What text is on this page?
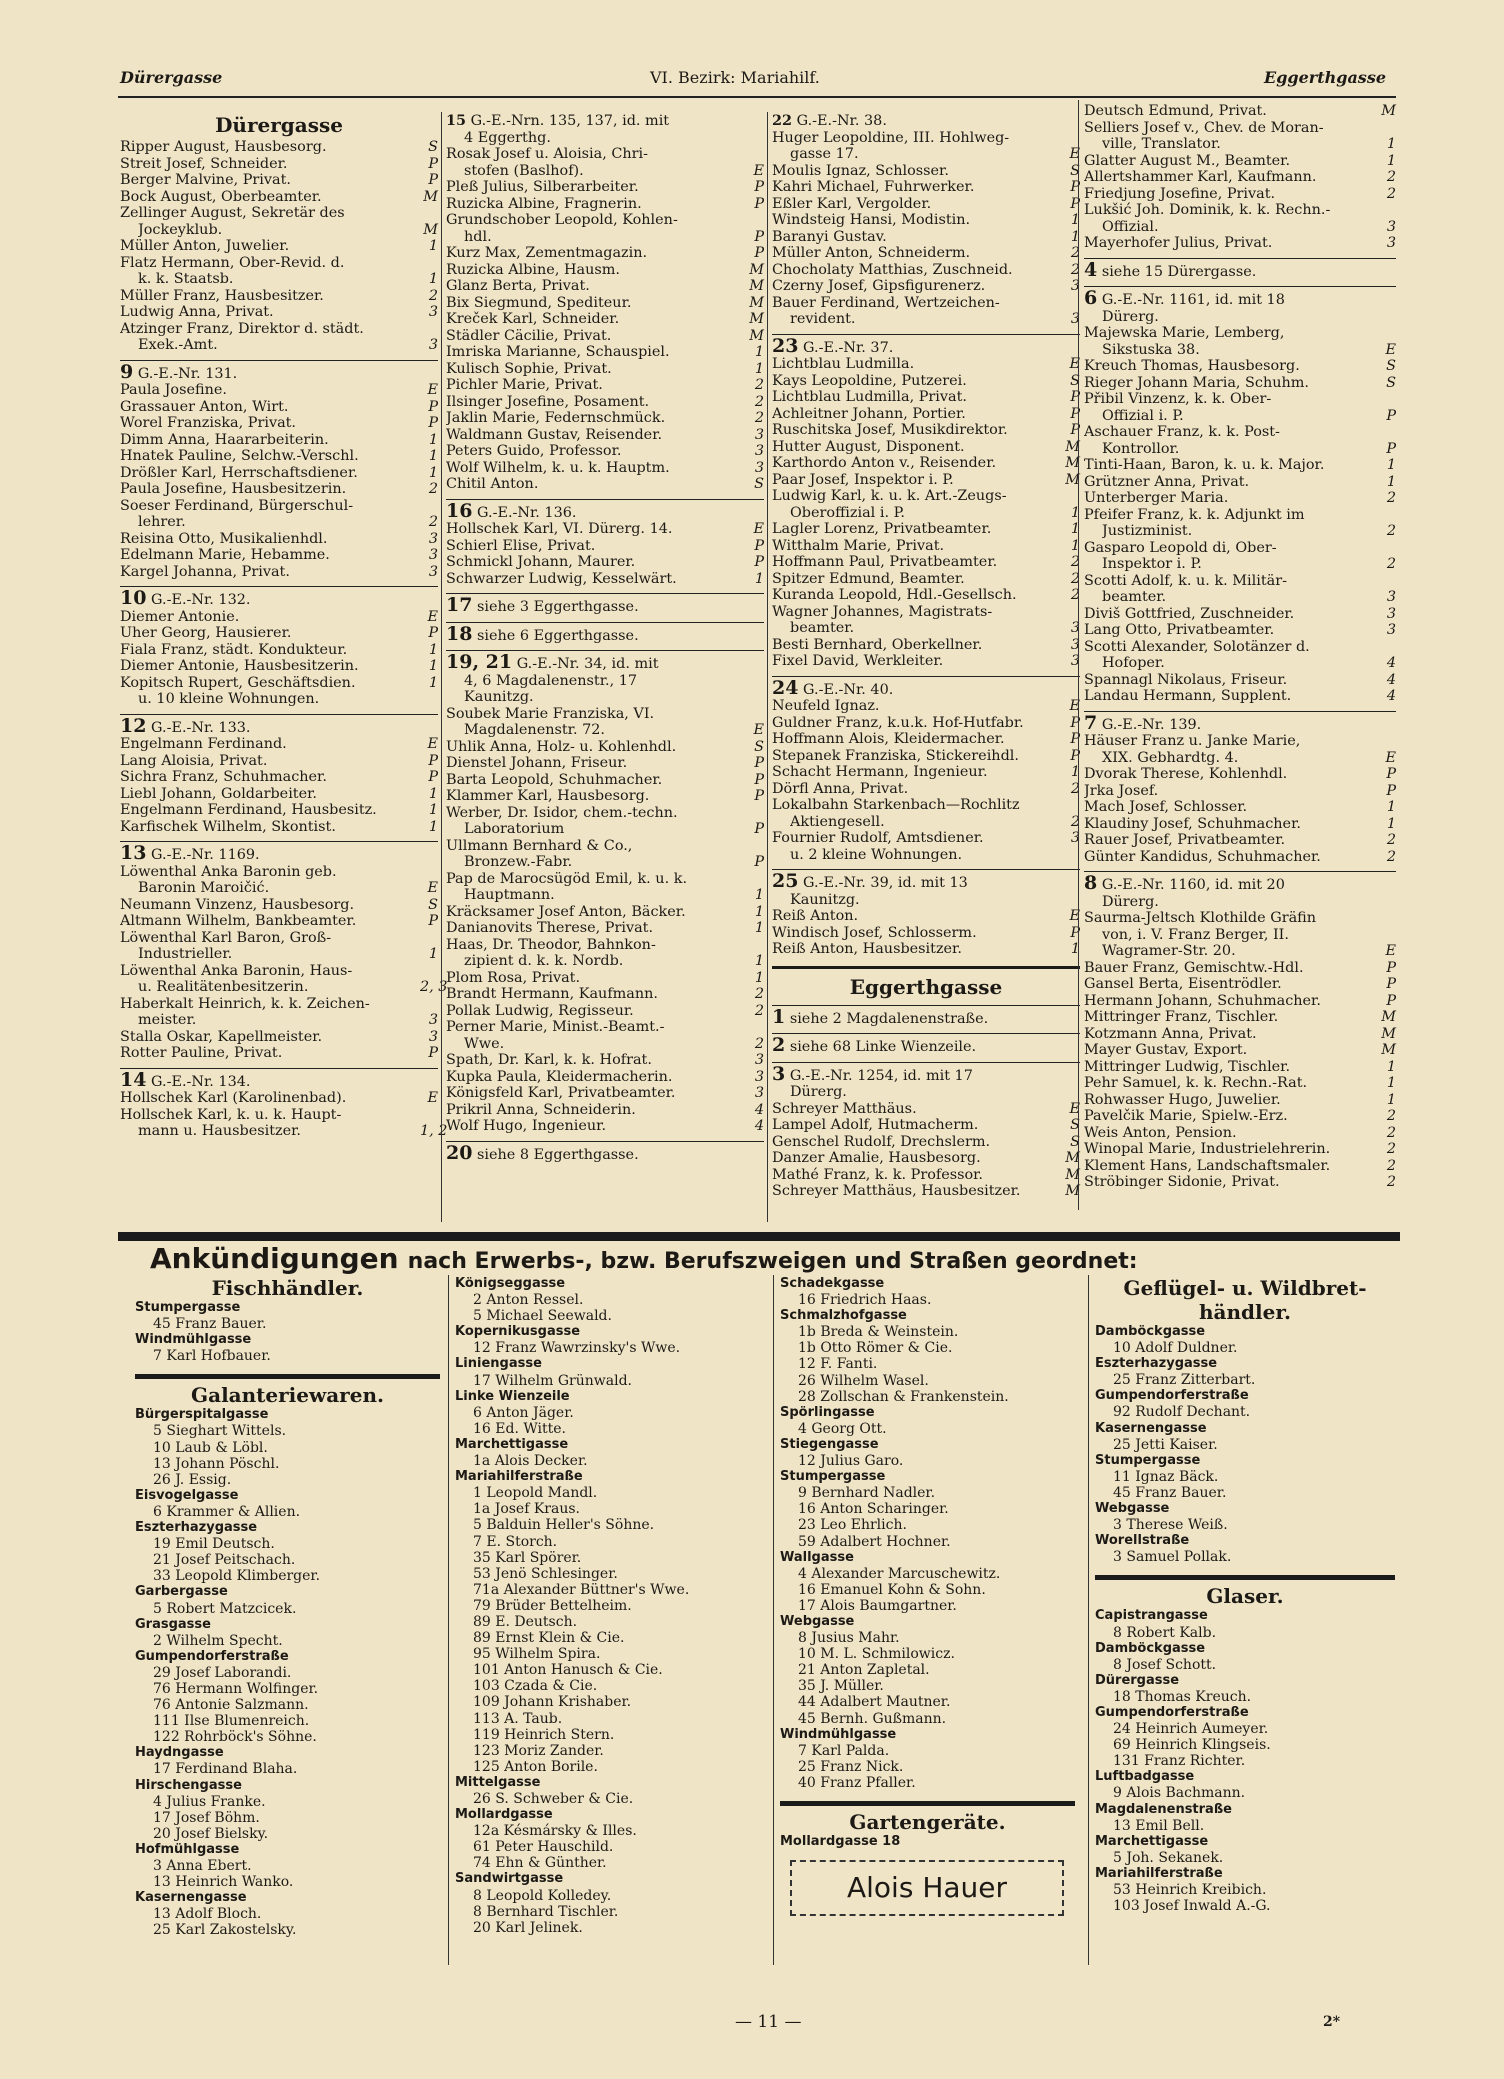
Dürergasse	VI. Bezirk: Mariahilf.	Eggerthgasse
Dürergasse
Ripper August, Hausbesorg.	S
Streit Josef, Schneider.	P
Berger Malvine, Privat.	P
Bock August, Oberbeamter.	M
Zellinger August, Sekretär des
Jockeyklub.	M
Müller Anton, Juwelier.	1
Flatz Hermann, Ober-Revid. d.
k. k. Staatsb.	1
Müller Franz, Hausbesitzer.	2
Ludwig Anna, Privat.	3
Atzinger Franz, Direktor d. städt.
Exek.-Amt.	3
9 G.-E.-Nr. 131.
Paula Josefine.	E
Grassauer Anton, Wirt.	P
Worel Franziska, Privat.	P
Dimm Anna, Haararbeiterin.	1
Hnatek Pauline, Selchw.-Verschl.	1
Drößler Karl, Herrschaftsdiener.	1
Paula Josefine, Hausbesitzerin.	2
Soeser Ferdinand, Bürgerschul-
lehrer.	2
Reisina Otto, Musikalienhdl.	3
Edelmann Marie, Hebamme.	3
Kargel Johanna, Privat.	3
10 G.-E.-Nr. 132.
Diemer Antonie.	E
Uher Georg, Hausierer.	P
Fiala Franz, städt. Kondukteur.	1
Diemer Antonie, Hausbesitzerin.	1
Kopitsch Rupert, Geschäftsdien.	1
u. 10 kleine Wohnungen.
12 G.-E.-Nr. 133.
Engelmann Ferdinand.	E
Lang Aloisia, Privat.	P
Sichra Franz, Schuhmacher.	P
Liebl Johann, Goldarbeiter.	1
Engelmann Ferdinand, Hausbesitz.	1
Karfischek Wilhelm, Skontist.	1
13 G.-E.-Nr. 1169.
Löwenthal Anka Baronin geb.
Baronin Maroičić.	E
Neumann Vinzenz, Hausbesorg.	S
Altmann Wilhelm, Bankbeamter.	P
Löwenthal Karl Baron, Groß-
Industrieller.	1
Löwenthal Anka Baronin, Haus-
u. Realitätenbesitzerin.	2, 3
Haberkalt Heinrich, k. k. Zeichen-
meister.	3
Stalla Oskar, Kapellmeister.	3
Rotter Pauline, Privat.	P
14 G.-E.-Nr. 134.
Hollschek Karl (Karolinenbad).	E
Hollschek Karl, k. u. k. Haupt-
mann u. Hausbesitzer.	1, 2
15 G.-E.-Nrn. 135, 137, id. mit
4 Eggerthg.
Rosak Josef u. Aloisia, Chri-
stofen (Baslhof).	E
Pleß Julius, Silberarbeiter.	P
Ruzicka Albine, Fragnerin.	P
Grundschober Leopold, Kohlen-
hdl.	P
Kurz Max, Zementmagazin.	P
Ruzicka Albine, Hausm.	M
Glanz Berta, Privat.	M
Bix Siegmund, Spediteur.	M
Kreček Karl, Schneider.	M
Städler Cäcilie, Privat.	M
Imriska Marianne, Schauspiel.	1
Kulisch Sophie, Privat.	1
Pichler Marie, Privat.	2
Ilsinger Josefine, Posament.	2
Jaklin Marie, Federnschmück.	2
Waldmann Gustav, Reisender.	3
Peters Guido, Professor.	3
Wolf Wilhelm, k. u. k. Hauptm.	3
Chitil Anton.	S
16 G.-E.-Nr. 136.
Hollschek Karl, VI. Dürerg. 14.	E
Schierl Elise, Privat.	P
Schmickl Johann, Maurer.	P
Schwarzer Ludwig, Kesselwärt.	1
17 siehe 3 Eggerthgasse.
18 siehe 6 Eggerthgasse.
19, 21 G.-E.-Nr. 34, id. mit
4, 6 Magdalenenstr., 17
Kaunitzg.
Soubek Marie Franziska, VI.
Magdalenenstr. 72.	E
Uhlik Anna, Holz- u. Kohlenhdl.	S
Dienstel Johann, Friseur.	P
Barta Leopold, Schuhmacher.	P
Klammer Karl, Hausbesorg.	P
Werber, Dr. Isidor, chem.-techn.
Laboratorium	P
Ullmann Bernhard & Co.,
Bronzew.-Fabr.	P
Pap de Marocsügöd Emil, k. u. k.
Hauptmann.	1
Kräcksamer Josef Anton, Bäcker.	1
Danianovits Therese, Privat.	1
Haas, Dr. Theodor, Bahnkon-
zipient d. k. k. Nordb.	1
Plom Rosa, Privat.	1
Brandt Hermann, Kaufmann.	2
Pollak Ludwig, Regisseur.	2
Perner Marie, Minist.-Beamt.-
Wwe.	2
Spath, Dr. Karl, k. k. Hofrat.	3
Kupka Paula, Kleidermacherin.	3
Königsfeld Karl, Privatbeamter.	3
Prikril Anna, Schneiderin.	4
Wolf Hugo, Ingenieur.	4
20 siehe 8 Eggerthgasse.
22 G.-E.-Nr. 38.
Huger Leopoldine, III. Hohlweg-
gasse 17.	E
Moulis Ignaz, Schlosser.	S
Kahri Michael, Fuhrwerker.	P
Eßler Karl, Vergolder.	P
Windsteig Hansi, Modistin.	1
Baranyi Gustav.	1
Müller Anton, Schneiderm.	2
Chocholaty Matthias, Zuschneid.	2
Czerny Josef, Gipsfigurenerz.	3
Bauer Ferdinand, Wertzeichen-
revident.	3
23 G.-E.-Nr. 37.
Lichtblau Ludmilla.	E
Kays Leopoldine, Putzerei.	S
Lichtblau Ludmilla, Privat.	P
Achleitner Johann, Portier.	P
Ruschitska Josef, Musikdirektor.	P
Hutter August, Disponent.	M
Karthordo Anton v., Reisender.	M
Paar Josef, Inspektor i. P.	M
Ludwig Karl, k. u. k. Art.-Zeugs-
Oberoffizial i. P.	1
Lagler Lorenz, Privatbeamter.	1
Witthalm Marie, Privat.	1
Hoffmann Paul, Privatbeamter.	2
Spitzer Edmund, Beamter.	2
Kuranda Leopold, Hdl.-Gesellsch.	2
Wagner Johannes, Magistrats-
beamter.	3
Besti Bernhard, Oberkellner.	3
Fixel David, Werkleiter.	3
24 G.-E.-Nr. 40.
Neufeld Ignaz.	E
Guldner Franz, k.u.k. Hof-Hutfabr.	P
Hoffmann Alois, Kleidermacher.	P
Stepanek Franziska, Stickereihdl.	P
Schacht Hermann, Ingenieur.	1
Dörfl Anna, Privat.	2
Lokalbahn Starkenbach—Rochlitz
Aktiengesell.	2
Fournier Rudolf, Amtsdiener.	3
u. 2 kleine Wohnungen.
25 G.-E.-Nr. 39, id. mit 13
Kaunitzg.
Reiß Anton.	E
Windisch Josef, Schlosserm.	P
Reiß Anton, Hausbesitzer.	1
Eggerthgasse
1 siehe 2 Magdalenenstraße.
2 siehe 68 Linke Wienzeile.
3 G.-E.-Nr. 1254, id. mit 17
Dürerg.
Schreyer Matthäus.	E
Lampel Adolf, Hutmacherm.	S
Genschel Rudolf, Drechslerm.	S
Danzer Amalie, Hausbesorg.	M
Mathé Franz, k. k. Professor.	M
Schreyer Matthäus, Hausbesitzer.	M
Deutsch Edmund, Privat.	M
Selliers Josef v., Chev. de Moran-
ville, Translator.	1
Glatter August M., Beamter.	1
Allertshammer Karl, Kaufmann.	2
Friedjung Josefine, Privat.	2
Lukšić Joh. Dominik, k. k. Rechn.-
Offizial.	3
Mayerhofer Julius, Privat.	3
4 siehe 15 Dürergasse.
6 G.-E.-Nr. 1161, id. mit 18
Dürerg.
Majewska Marie, Lemberg,
Sikstuska 38.	E
Kreuch Thomas, Hausbesorg.	S
Rieger Johann Maria, Schuhm.	S
Přibil Vinzenz, k. k. Ober-
Offizial i. P.	P
Aschauer Franz, k. k. Post-
Kontrollor.	P
Tinti-Haan, Baron, k. u. k. Major.	1
Grützner Anna, Privat.	1
Unterberger Maria.	2
Pfeifer Franz, k. k. Adjunkt im
Justizminist.	2
Gasparo Leopold di, Ober-
Inspektor i. P.	2
Scotti Adolf, k. u. k. Militär-
beamter.	3
Diviš Gottfried, Zuschneider.	3
Lang Otto, Privatbeamter.	3
Scotti Alexander, Solotänzer d.
Hofoper.	4
Spannagl Nikolaus, Friseur.	4
Landau Hermann, Supplent.	4
7 G.-E.-Nr. 139.
Häuser Franz u. Janke Marie,
XIX. Gebhardtg. 4.	E
Dvorak Therese, Kohlenhdl.	P
Jrka Josef.	P
Mach Josef, Schlosser.	1
Klaudiny Josef, Schuhmacher.	1
Rauer Josef, Privatbeamter.	2
Günter Kandidus, Schuhmacher.	2
8 G.-E.-Nr. 1160, id. mit 20
Dürerg.
Saurma-Jeltsch Klothilde Gräfin
von, i. V. Franz Berger, II.
Wagramer-Str. 20.	E
Bauer Franz, Gemischtw.-Hdl.	P
Gansel Berta, Eisentrödler.	P
Hermann Johann, Schuhmacher.	P
Mittringer Franz, Tischler.	M
Kotzmann Anna, Privat.	M
Mayer Gustav, Export.	M
Mittringer Ludwig, Tischler.	1
Pehr Samuel, k. k. Rechn.-Rat.	1
Rohwasser Hugo, Juwelier.	1
Pavelčik Marie, Spielw.-Erz.	2
Weis Anton, Pension.	2
Winopal Marie, Industrielehrerin.	2
Klement Hans, Landschaftsmaler.	2
Ströbinger Sidonie, Privat.	2
Ankündigungen nach Erwerbs-, bzw. Berufszweigen und Straßen geordnet:
Fischhändler.
Stumpergasse
45 Franz Bauer.
Windmühlgasse
7 Karl Hofbauer.
Galanteriewaren.
Bürgerspitalgasse
5 Sieghart Wittels.
10 Laub & Löbl.
13 Johann Pöschl.
26 J. Essig.
Eisvogelgasse
6 Krammer & Allien.
Eszterhazygasse
19 Emil Deutsch.
21 Josef Peitschach.
33 Leopold Klimberger.
Garbergasse
5 Robert Matzcicek.
Grasgasse
2 Wilhelm Specht.
Gumpendorferstraße
29 Josef Laborandi.
76 Hermann Wolfinger.
76 Antonie Salzmann.
111 Ilse Blumenreich.
122 Rohrböck's Söhne.
Haydngasse
17 Ferdinand Blaha.
Hirschengasse
4 Julius Franke.
17 Josef Böhm.
20 Josef Bielsky.
Hofmühlgasse
3 Anna Ebert.
13 Heinrich Wanko.
Kasernengasse
13 Adolf Bloch.
25 Karl Zakostelsky.
Königseggasse
2 Anton Ressel.
5 Michael Seewald.
Kopernikusgasse
12 Franz Wawrzinsky's Wwe.
Liniengasse
17 Wilhelm Grünwald.
Linke Wienzeile
6 Anton Jäger.
16 Ed. Witte.
Marchettigasse
1a Alois Decker.
Mariahilferstraße
1 Leopold Mandl.
1a Josef Kraus.
5 Balduin Heller's Söhne.
7 E. Storch.
35 Karl Spörer.
53 Jenö Schlesinger.
71a Alexander Büttner's Wwe.
79 Brüder Bettelheim.
89 E. Deutsch.
89 Ernst Klein & Cie.
95 Wilhelm Spira.
101 Anton Hanusch & Cie.
103 Czada & Cie.
109 Johann Krishaber.
113 A. Taub.
119 Heinrich Stern.
123 Moriz Zander.
125 Anton Borile.
Mittelgasse
26 S. Schweber & Cie.
Mollardgasse
12a Késmársky & Illes.
61 Peter Hauschild.
74 Ehn & Günther.
Sandwirtgasse
8 Leopold Kolledey.
8 Bernhard Tischler.
20 Karl Jelinek.
Schadekgasse
16 Friedrich Haas.
Schmalzhofgasse
1b Breda & Weinstein.
1b Otto Römer & Cie.
12 F. Fanti.
26 Wilhelm Wasel.
28 Zollschan & Frankenstein.
Spörlingasse
4 Georg Ott.
Stiegengasse
12 Julius Garo.
Stumpergasse
9 Bernhard Nadler.
16 Anton Scharinger.
23 Leo Ehrlich.
59 Adalbert Hochner.
Wallgasse
4 Alexander Marcuschewitz.
16 Emanuel Kohn & Sohn.
17 Alois Baumgartner.
Webgasse
8 Jusius Mahr.
10 M. L. Schmilowicz.
21 Anton Zapletal.
35 J. Müller.
44 Adalbert Mautner.
45 Bernh. Gußmann.
Windmühlgasse
7 Karl Palda.
25 Franz Nick.
40 Franz Pfaller.
Gartengeräte.
Mollardgasse 18
Alois Hauer
Geflügel- u. Wildbret-
händler.
Damböckgasse
10 Adolf Duldner.
Eszterhazygasse
25 Franz Zitterbart.
Gumpendorferstraße
92 Rudolf Dechant.
Kasernengasse
25 Jetti Kaiser.
Stumpergasse
11 Ignaz Bäck.
45 Franz Bauer.
Webgasse
3 Therese Weiß.
Worellstraße
3 Samuel Pollak.
Glaser.
Capistrangasse
8 Robert Kalb.
Damböckgasse
8 Josef Schott.
Dürergasse
18 Thomas Kreuch.
Gumpendorferstraße
24 Heinrich Aumeyer.
69 Heinrich Klingseis.
131 Franz Richter.
Luftbadgasse
9 Alois Bachmann.
Magdalenenstraße
13 Emil Bell.
Marchettigasse
5 Joh. Sekanek.
Mariahilferstraße
53 Heinrich Kreibich.
103 Josef Inwald A.-G.
— 11 —	2*
